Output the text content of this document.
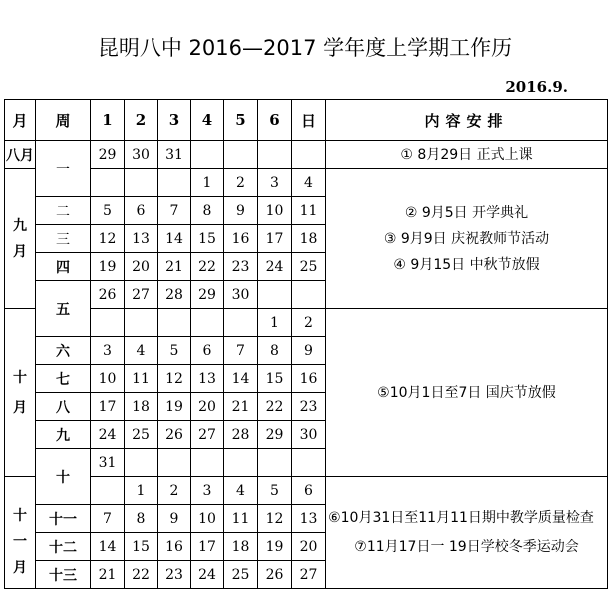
昆明八中 2016—2017 学年度上学期工作历
2016.9.
月	周	1	2	3	4	5	6	日	内容安排
八月	一	29	30	31					① 8月29日 正式上课

九月					1	2	3	4	② 9月5日 开学典礼
③ 9月9日 庆祝教师节活动
④ 9月15日 中秋节放假

	二	5	6	7	8	9	10	11	
	三	12	13	14	15	16	17	18	
	四	19	20	21	22	23	24	25	
	五	26	27	28	29	30			

十月							1	2	⑤10月1日至7日 国庆节放假

	六	3	4	5	6	7	8	9	
	七	10	11	12	13	14	15	16	
	八	17	18	19	20	21	22	23	
	九	24	25	26	27	28	29	30	
	十	31							

十一月			1	2	3	4	5	6	⑥10月31日至11月11日期中教学质量检查
⑦11月17日一 19日学校冬季运动会

	十一	7	8	9	10	11	12	13	
	十二	14	15	16	17	18	19	20	
	十三	21	22	23	24	25	26	27	
